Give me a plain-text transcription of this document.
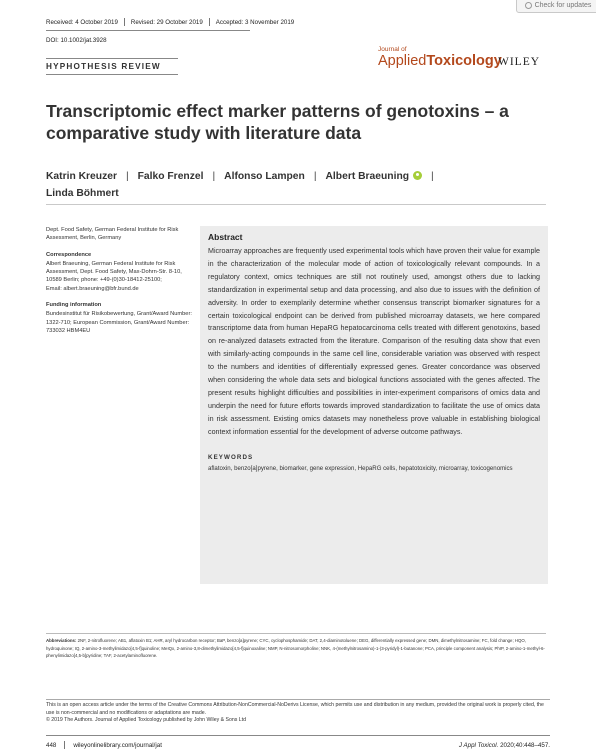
Check for updates
Received: 4 October 2019 Revised: 29 October 2019 Accepted: 3 November 2019
DOI: 10.1002/jat.3928
HYPHOTHESIS REVIEW
Journal of
AppliedToxicology
WILEY
Transcriptomic effect marker patterns of genotoxins – a comparative study with literature data
Katrin Kreuzer | Falko Frenzel | Alfonso Lampen | Albert Braeuning |
Linda Böhmert
Dept. Food Safety, German Federal Institute for Risk Assessment, Berlin, Germany
Correspondence
Albert Braeuning, German Federal Institute for Risk Assessment, Dept. Food Safety, Max-Dohrn-Str. 8-10, 10589 Berlin; phone: +49-(0)30-18412-25100;
Email: albert.braeuning@bfr.bund.de
Funding information
Bundesinstitut für Risikobewertung, Grant/Award Number: 1322-710; European Commission, Grant/Award Number: 733032 HBM4EU
Abstract

Microarray approaches are frequently used experimental tools which have proven their value for example in the characterization of the molecular mode of action of toxicologically relevant compounds. In a regulatory context, omics techniques are still not routinely used, amongst others due to lacking standardization in experimental setup and data processing, and also due to issues with the definition of adversity. In order to exemplarily determine whether consensus transcript biomarker signatures for a certain toxicological endpoint can be derived from published microarray datasets, we here compared transcriptome data from human HepaRG hepatocarcinoma cells treated with different genotoxins, based on re-analyzed datasets extracted from the literature. Comparison of the resulting data show that even with similarly-acting compounds in the same cell line, considerable variation was observed with respect to the numbers and identities of differentially expressed genes. Greater concordance was observed when considering the whole data sets and biological functions associated with the genes affected. The present results highlight difficulties and possibilities in inter-experiment comparisons of omics data and underpin the need for future efforts towards improved standardization to facilitate the use of omics data in risk assessment. Existing omics datasets may nonetheless prove valuable in establishing biological context information essential for the development of adverse outcome pathways.

KEYWORDS
aflatoxin, benzo[a]pyrene, biomarker, gene expression, HepaRG cells, hepatotoxicity, microarray, toxicogenomics
Abbreviations: 2NF, 2-nitrofluorene; AB1, aflatoxin B1; AHR, aryl hydrocarbon receptor; BaP, benzo[a]pyrene; CYC, cyclophosphamide; DAT, 2,4-diaminotoluene; DEG, differentially expressed gene; DMN, dimethylnitrosamine; FC, fold change; HQO, hydroquinone; IQ, 2-amino-3-methylimidazo[4,5-f]quinoline; MeIQx, 2-amino-3,8-dimethylimidazo[4,5-f]quinoxaline; NMP, N-nitrosomorpholine; NNK, 4-(methylnitrosamino)-1-(3-pyridyl)-1-butanone; PCA, principle component analysis; PhIP, 2-amino-1-methyl-6-phenylimidazo[4,5-b]pyridine; TAF, 2-acetylaminofluorene.
This is an open access article under the terms of the Creative Commons Attribution-NonCommercial-NoDerivs License, which permits use and distribution in any medium, provided the original work is properly cited, the use is non-commercial and no modifications or adaptations are made.
© 2019 The Authors. Journal of Applied Toxicology published by John Wiley & Sons Ltd
448	wileyonlinelibrary.com/journal/jat	J Appl Toxicol. 2020;40:448–457.
